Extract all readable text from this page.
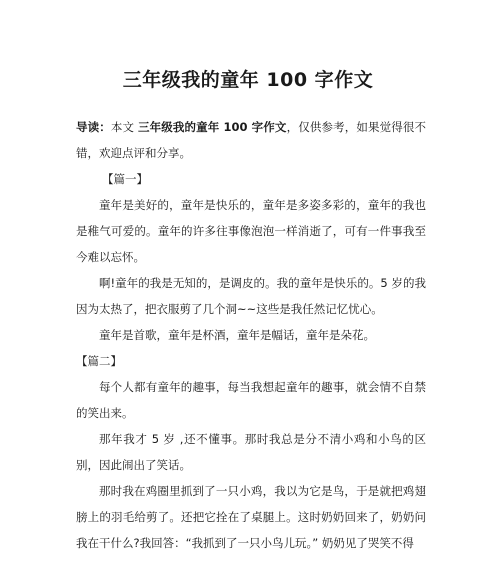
三年级我的童年 100 字作文

导读：本文 三年级我的童年 100 字作文，仅供参考，如果觉得很不错，欢迎点评和分享。

【篇一】

童年是美好的，童年是快乐的，童年是多姿多彩的，童年的我也是稚气可爱的。童年的许多往事像泡泡一样消逝了，可有一件事我至今难以忘怀。

啊!童年的我是无知的，是调皮的。我的童年是快乐的。5 岁的我因为太热了，把衣服剪了几个洞~~这些是我任然记忆忧心。

童年是首歌，童年是杯酒，童年是幅话，童年是朵花。

【篇二】

每个人都有童年的趣事，每当我想起童年的趣事，就会情不自禁的笑出来。

那年我才 5 岁 ,还不懂事。那时我总是分不清小鸡和小鸟的区别，因此闹出了笑话。

那时我在鸡圈里抓到了一只小鸡，我以为它是鸟，于是就把鸡翅膀上的羽毛给剪了。还把它拴在了桌腿上。这时奶奶回来了，奶奶问我在干什么?我回答：“我抓到了一只小鸟儿玩。” 奶奶见了哭笑不得
